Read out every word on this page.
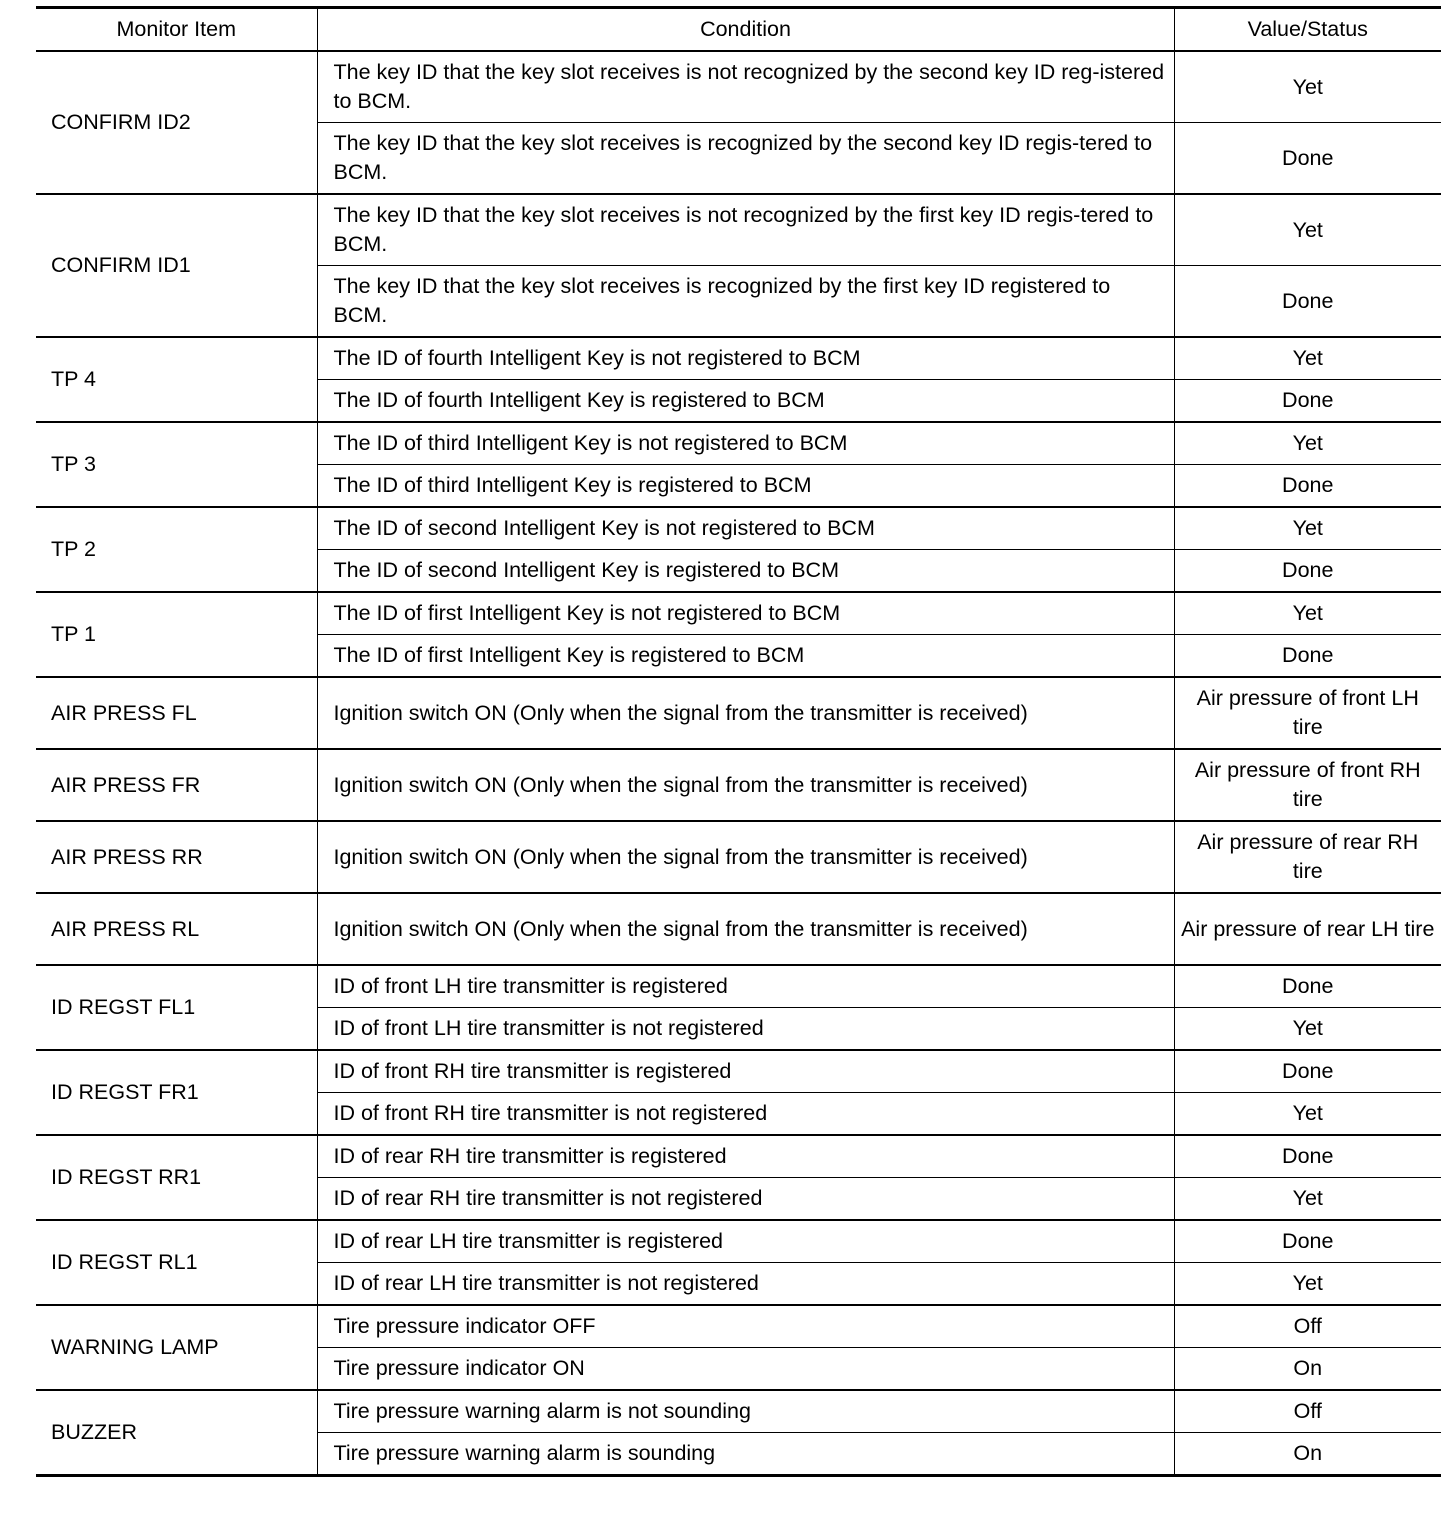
Monitor Item	Condition	Value/Status
CONFIRM ID2	The key ID that the key slot receives is not recognized by the second key ID reg-istered to BCM.	Yet
	The key ID that the key slot receives is recognized by the second key ID regis-tered to BCM.	Done
CONFIRM ID1	The key ID that the key slot receives is not recognized by the first key ID regis-tered to BCM.	Yet
	The key ID that the key slot receives is recognized by the first key ID registered to BCM.	Done
TP 4	The ID of fourth Intelligent Key is not registered to BCM	Yet
	The ID of fourth Intelligent Key is registered to BCM	Done
TP 3	The ID of third Intelligent Key is not registered to BCM	Yet
	The ID of third Intelligent Key is registered to BCM	Done
TP 2	The ID of second Intelligent Key is not registered to BCM	Yet
	The ID of second Intelligent Key is registered to BCM	Done
TP 1	The ID of first Intelligent Key is not registered to BCM	Yet
	The ID of first Intelligent Key is registered to BCM	Done
AIR PRESS FL	Ignition switch ON (Only when the signal from the transmitter is received)	Air pressure of front LH tire
AIR PRESS FR	Ignition switch ON (Only when the signal from the transmitter is received)	Air pressure of front RH tire
AIR PRESS RR	Ignition switch ON (Only when the signal from the transmitter is received)	Air pressure of rear RH tire
AIR PRESS RL	Ignition switch ON (Only when the signal from the transmitter is received)	Air pressure of rear LH tire
ID REGST FL1	ID of front LH tire transmitter is registered	Done
	ID of front LH tire transmitter is not registered	Yet
ID REGST FR1	ID of front RH tire transmitter is registered	Done
	ID of front RH tire transmitter is not registered	Yet
ID REGST RR1	ID of rear RH tire transmitter is registered	Done
	ID of rear RH tire transmitter is not registered	Yet
ID REGST RL1	ID of rear LH tire transmitter is registered	Done
	ID of rear LH tire transmitter is not registered	Yet
WARNING LAMP	Tire pressure indicator OFF	Off
	Tire pressure indicator ON	On
BUZZER	Tire pressure warning alarm is not sounding	Off
	Tire pressure warning alarm is sounding	On
